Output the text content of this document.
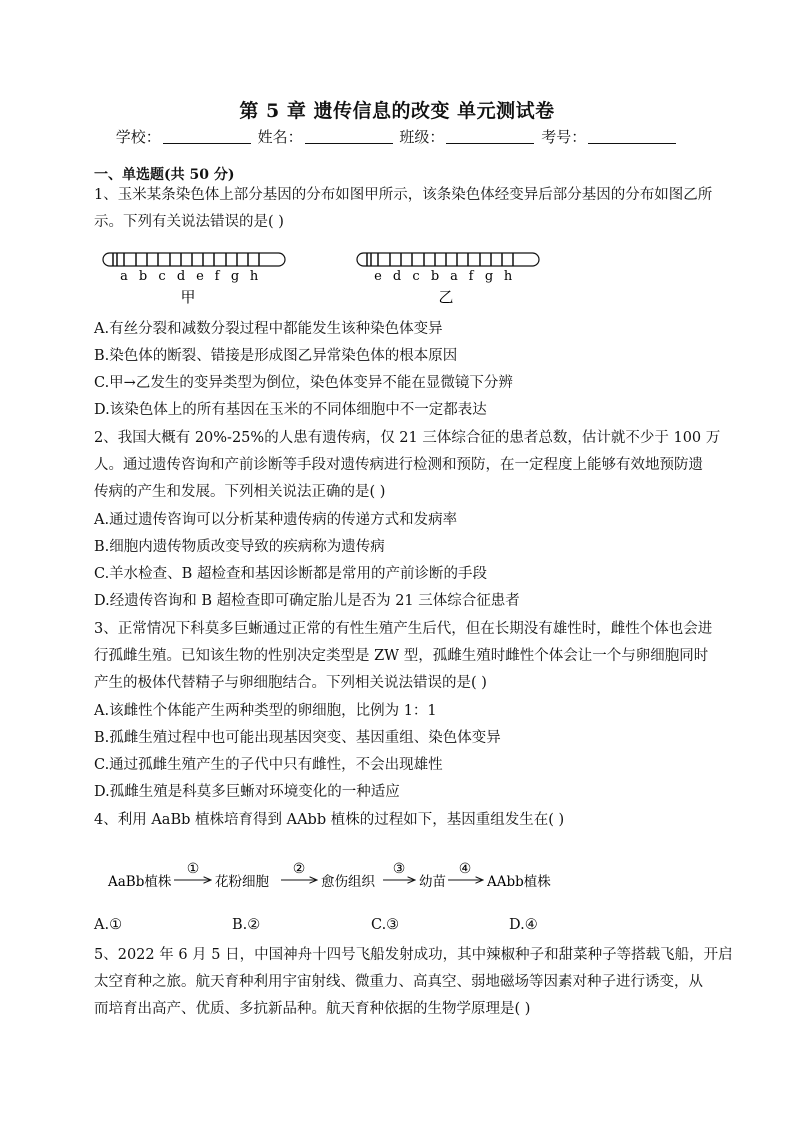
第 5 章 遗传信息的改变 单元测试卷
学校：	姓名：	班级：	考号：
一、单选题(共 50 分)
1、玉米某条染色体上部分基因的分布如图甲所示，该条染色体经变异后部分基因的分布如图乙所
示。下列有关说法错误的是( )
a b c d e f g h
甲
e d c b a f g h
乙
A.有丝分裂和减数分裂过程中都能发生该种染色体变异
B.染色体的断裂、错接是形成图乙异常染色体的根本原因
C.甲→乙发生的变异类型为倒位，染色体变异不能在显微镜下分辨
D.该染色体上的所有基因在玉米的不同体细胞中不一定都表达
2、我国大概有 20%-25%的人患有遗传病，仅 21 三体综合征的患者总数，估计就不少于 100 万
人。通过遗传咨询和产前诊断等手段对遗传病进行检测和预防，在一定程度上能够有效地预防遗
传病的产生和发展。下列相关说法正确的是( )
A.通过遗传咨询可以分析某种遗传病的传递方式和发病率
B.细胞内遗传物质改变导致的疾病称为遗传病
C.羊水检查、B 超检查和基因诊断都是常用的产前诊断的手段
D.经遗传咨询和 B 超检查即可确定胎儿是否为 21 三体综合征患者
3、正常情况下科莫多巨蜥通过正常的有性生殖产生后代，但在长期没有雄性时，雌性个体也会进
行孤雌生殖。已知该生物的性别决定类型是 ZW 型，孤雌生殖时雌性个体会让一个与卵细胞同时
产生的极体代替精子与卵细胞结合。下列相关说法错误的是( )
A.该雌性个体能产生两种类型的卵细胞，比例为 1：1
B.孤雌生殖过程中也可能出现基因突变、基因重组、染色体变异
C.通过孤雌生殖产生的子代中只有雌性，不会出现雄性
D.孤雌生殖是科莫多巨蜥对环境变化的一种适应
4、利用 AaBb 植株培育得到 AAbb 植株的过程如下，基因重组发生在( )
AaBb植株	花粉细胞	愈伤组织	幼苗	AAbb植株
①	②	③	④
A.①	B.②	C.③	D.④
5、2022 年 6 月 5 日，中国神舟十四号飞船发射成功，其中辣椒种子和甜菜种子等搭载飞船，开启
太空育种之旅。航天育种利用宇宙射线、微重力、高真空、弱地磁场等因素对种子进行诱变，从
而培育出高产、优质、多抗新品种。航天育种依据的生物学原理是( )
